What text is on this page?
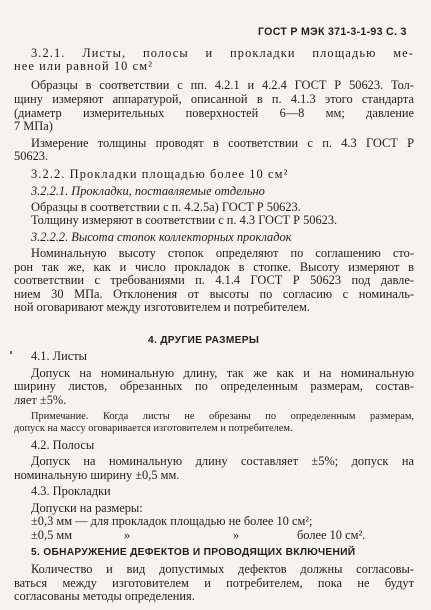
ГОСТ Р МЭК 371-3-1-93 С. 3
3.2.1. Листы, полосы и прокладки площадью ме-
нее или равной 10 см²
Образцы в соответствии с пп. 4.2.1 и 4.2.4 ГОСТ Р 50623. Тол-
щину измеряют аппаратурой, описанной в п. 4.1.3 этого стандарта
(диаметр измерительных поверхностей 6—8 мм; давление
7 МПа)
Измерение толщины проводят в соответствии с п. 4.3 ГОСТ Р
50623.
3.2.2. Прокладки площадью более 10 см²
3.2.2.1. Прокладки, поставляемые отдельно
Образцы в соответствии с п. 4.2.5а) ГОСТ Р 50623.
Толщину измеряют в соответствии с п. 4.3 ГОСТ Р 50623.
3.2.2.2. Высота стопок коллекторных прокладок
Номинальную высоту стопок определяют по соглашению сто-
рон так же, как и число прокладок в стопке. Высоту измеряют в
соответствии с требованиями п. 4.1.4 ГОСТ Р 50623 под давле-
нием 30 МПа. Отклонения от высоты по согласию с номиналь-
ной оговаривают между изготовителем и потребителем.
4. ДРУГИЕ РАЗМЕРЫ
4.1. Листы
Допуск на номинальную длину, так же как и на номинальную
ширину листов, обрезанных по определенным размерам, состав-
ляет ±5%.
Примечание. Когда листы не обрезаны по определенным размерам,
допуск на массу оговаривается изготовителем и потребителем.
4.2. Полосы
Допуск на номинальную длину составляет ±5%; допуск на
номинальную ширину ±0,5 мм.
4.3. Прокладки
Допуски на размеры:
±0,3 мм — для прокладок площадью не более 10 см²;
±0,5 мм	»	»	более 10 см².
5. ОБНАРУЖЕНИЕ ДЕФЕКТОВ И ПРОВОДЯЩИХ ВКЛЮЧЕНИЙ
Количество и вид допустимых дефектов должны согласовы-
ваться между изготовителем и потребителем, пока не будут
согласованы методы определения.
